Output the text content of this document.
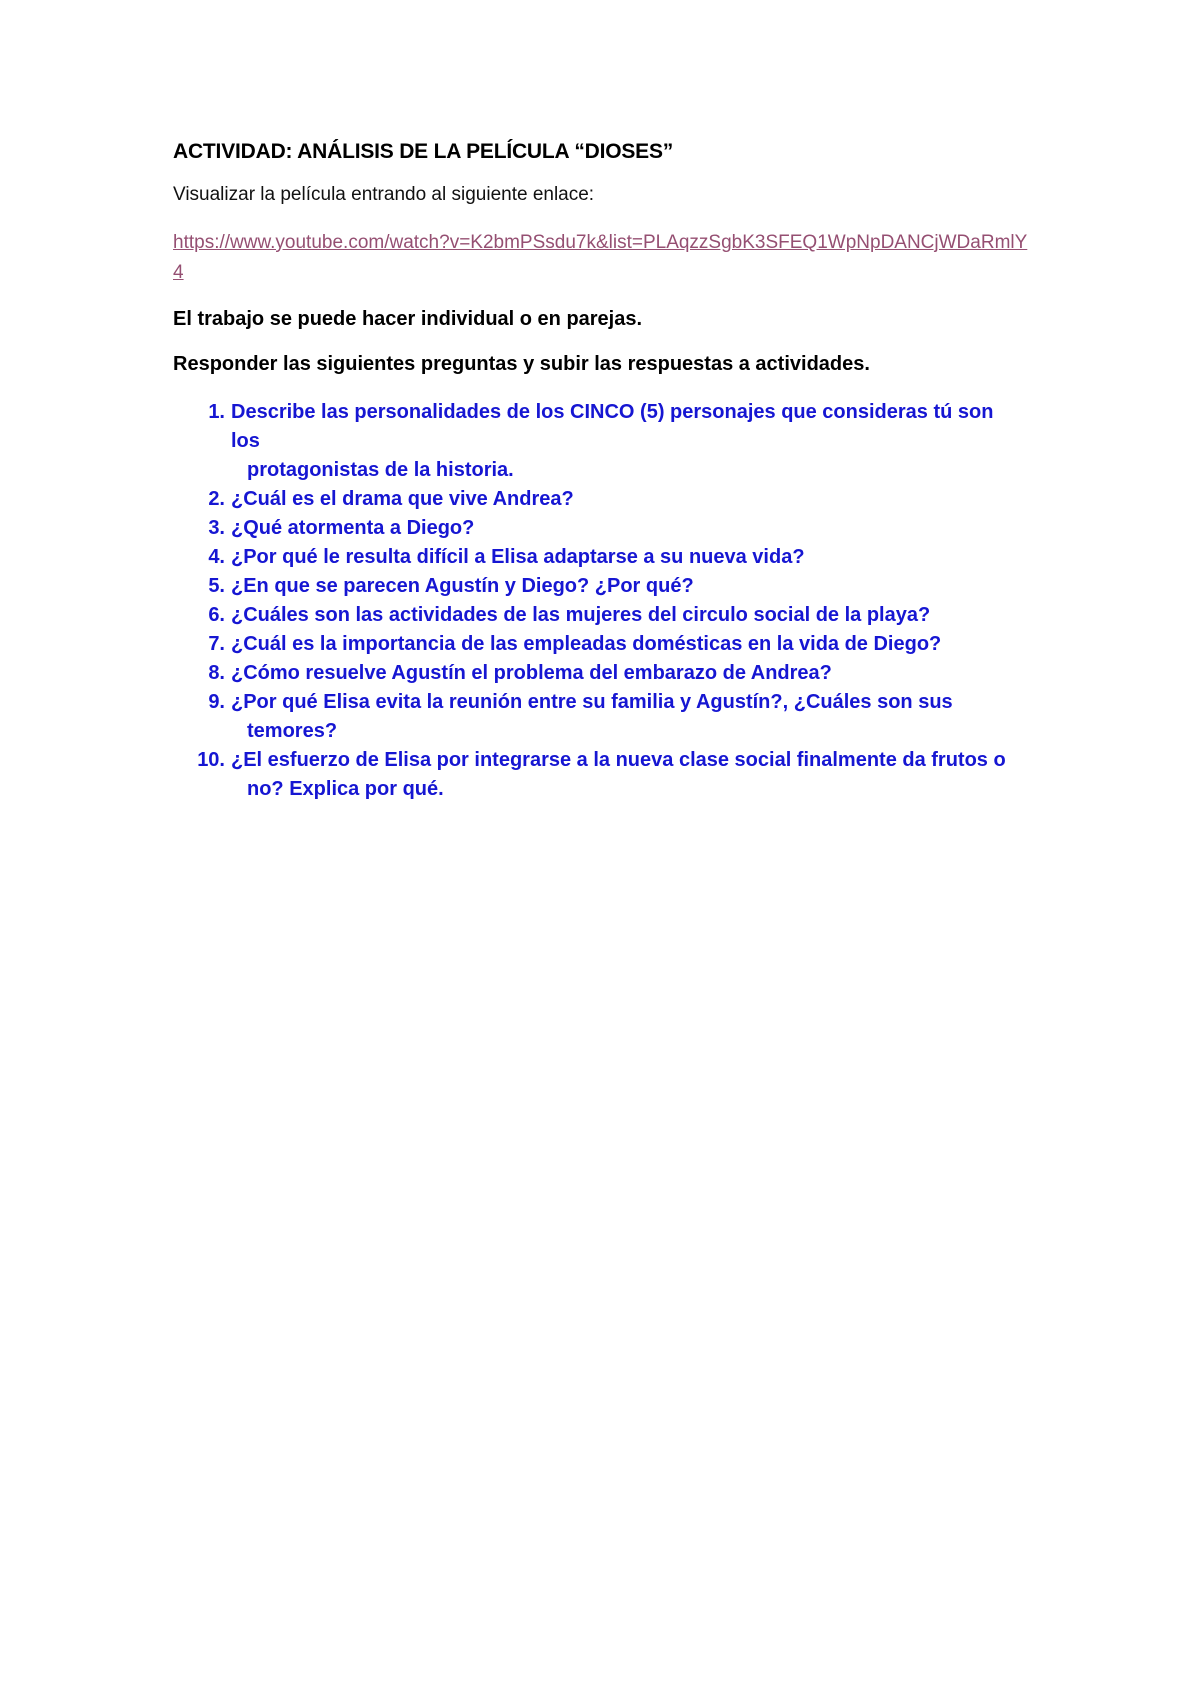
ACTIVIDAD: ANÁLISIS DE LA PELÍCULA “DIOSES”
Visualizar la película entrando al siguiente enlace:
https://www.youtube.com/watch?v=K2bmPSsdu7k&list=PLAqzzSgbK3SFEQ1WpNpDANCjWDaRmlY4
El trabajo se puede hacer individual o en parejas.
Responder las siguientes preguntas y subir las respuestas a actividades.
1. Describe las personalidades de los CINCO (5) personajes que consideras tú son los
protagonistas de la historia.
2. ¿Cuál es el drama que vive Andrea?
3. ¿Qué atormenta a Diego?
4. ¿Por qué le resulta difícil a Elisa adaptarse a su nueva vida?
5. ¿En que se parecen Agustín y Diego? ¿Por qué?
6. ¿Cuáles son las actividades de las mujeres del circulo social de la playa?
7. ¿Cuál es la importancia de las empleadas domésticas en la vida de Diego?
8. ¿Cómo resuelve Agustín el problema del embarazo de Andrea?
9. ¿Por qué Elisa evita la reunión entre su familia y Agustín?, ¿Cuáles son sus
temores?
10. ¿El esfuerzo de Elisa por integrarse a la nueva clase social finalmente da frutos o
no? Explica por qué.
